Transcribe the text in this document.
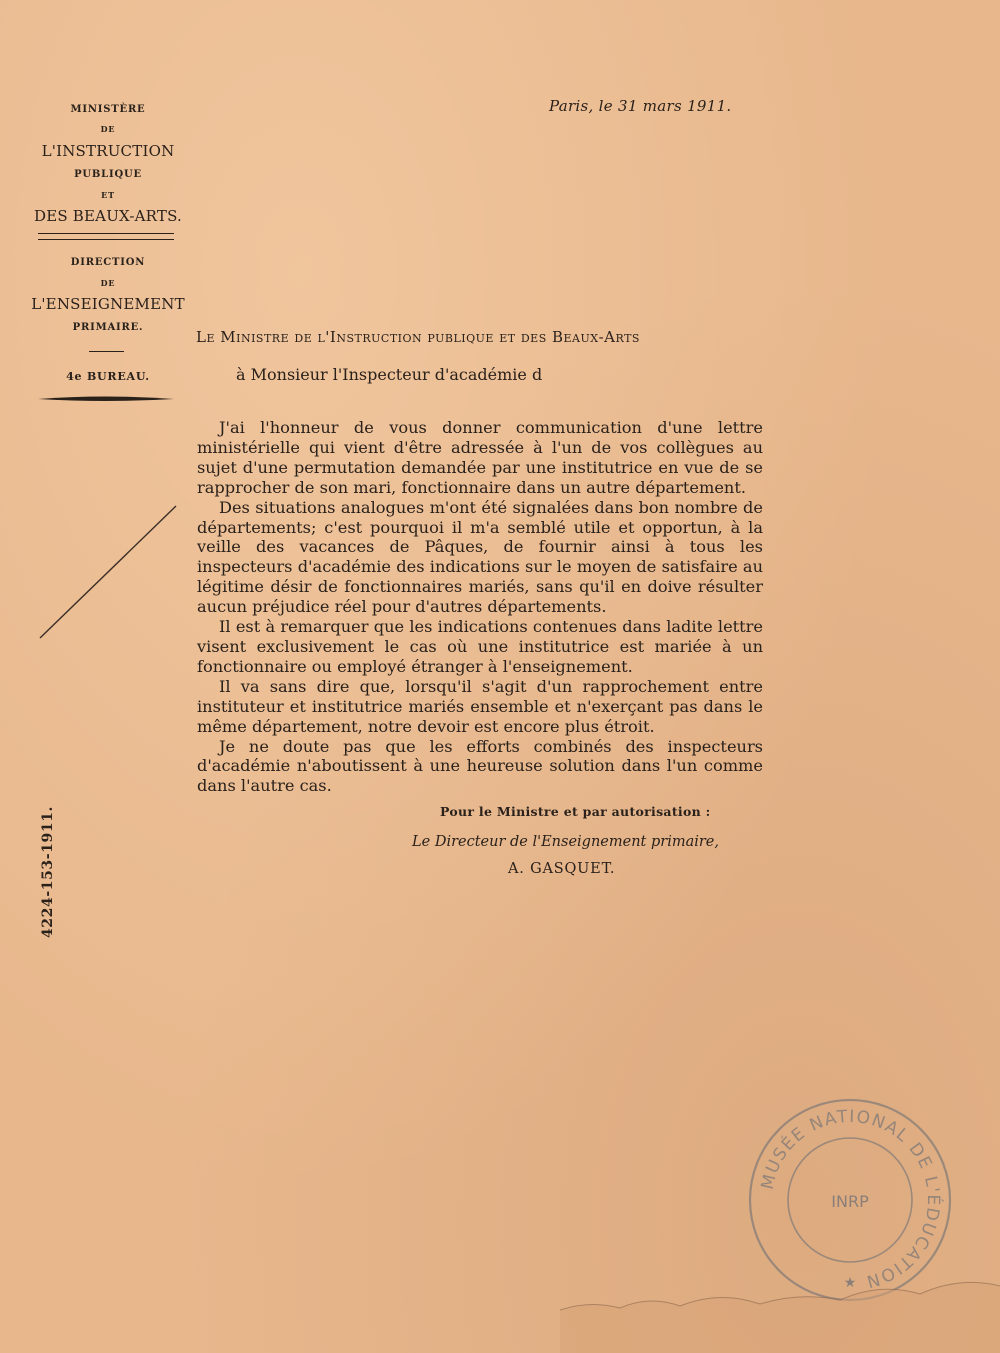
MINISTÈRE
DE
L'INSTRUCTION
PUBLIQUE
ET
DES BEAUX-ARTS.
DIRECTION
DE
L'ENSEIGNEMENT
PRIMAIRE.
4e BUREAU.
Paris, le 31 mars 1911.
Le Ministre de l'Instruction publique et des Beaux-Arts
à Monsieur l'Inspecteur d'académie d

J'ai l'honneur de vous donner communication d'une lettre ministérielle qui vient d'être adressée à l'un de vos collègues au sujet d'une permutation demandée par une institutrice en vue de se rapprocher de son mari, fonctionnaire dans un autre département.

Des situations analogues m'ont été signalées dans bon nombre de départements; c'est pourquoi il m'a semblé utile et opportun, à la veille des vacances de Pâques, de fournir ainsi à tous les inspecteurs d'académie des indications sur le moyen de satisfaire au légitime désir de fonctionnaires mariés, sans qu'il en doive résulter aucun préjudice réel pour d'autres départements.

Il est à remarquer que les indications contenues dans ladite lettre visent exclusivement le cas où une institutrice est mariée à un fonctionnaire ou employé étranger à l'enseignement.

Il va sans dire que, lorsqu'il s'agit d'un rapprochement entre instituteur et institutrice mariés ensemble et n'exerçant pas dans le même département, notre devoir est encore plus étroit.

Je ne doute pas que les efforts combinés des inspecteurs d'académie n'aboutissent à une heureuse solution dans l'un comme dans l'autre cas.

Pour le Ministre et par autorisation :
Le Directeur de l'Enseignement primaire,
A. GASQUET.
4224-153-1911.
MUSÉE NATIONAL DE L'ÉDUCATION
INRP
★
